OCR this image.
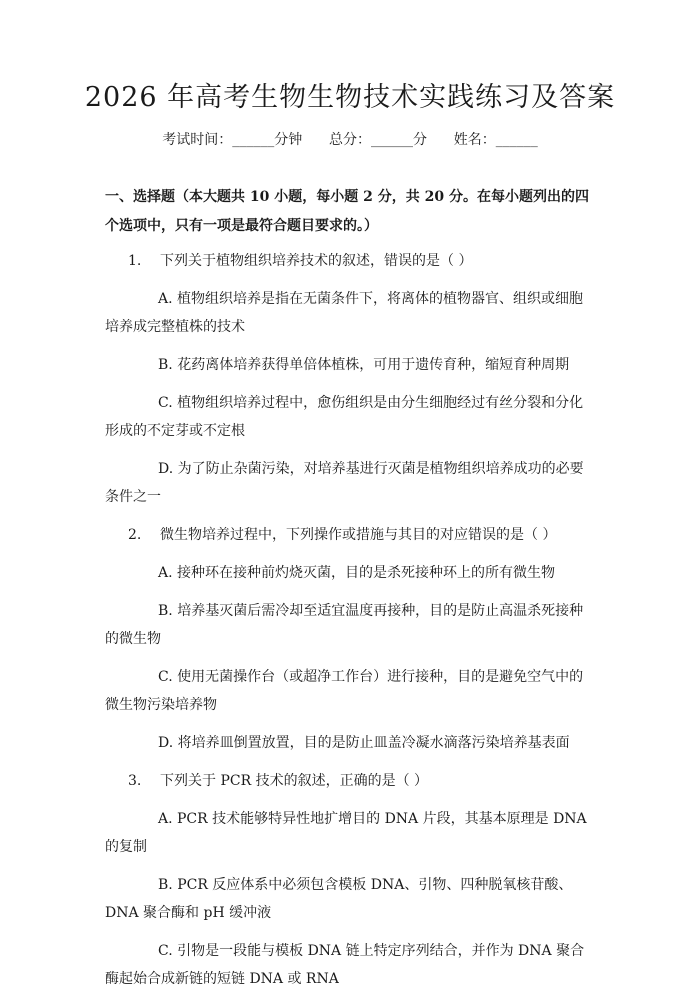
2026 年高考生物生物技术实践练习及答案
考试时间：______分钟 总分：______分 姓名：______

一、选择题（本大题共 10 小题，每小题 2 分，共 20 分。在每小题列出的四个选项中，只有一项是最符合题目要求的。）

1. 下列关于植物组织培养技术的叙述，错误的是（ ）

A. 植物组织培养是指在无菌条件下，将离体的植物器官、组织或细胞培养成完整植株的技术

B. 花药离体培养获得单倍体植株，可用于遗传育种，缩短育种周期

C. 植物组织培养过程中，愈伤组织是由分生细胞经过有丝分裂和分化形成的不定芽或不定根

D. 为了防止杂菌污染，对培养基进行灭菌是植物组织培养成功的必要条件之一

2. 微生物培养过程中，下列操作或措施与其目的对应错误的是（ ）

A. 接种环在接种前灼烧灭菌，目的是杀死接种环上的所有微生物

B. 培养基灭菌后需冷却至适宜温度再接种，目的是防止高温杀死接种的微生物

C. 使用无菌操作台（或超净工作台）进行接种，目的是避免空气中的微生物污染培养物

D. 将培养皿倒置放置，目的是防止皿盖冷凝水滴落污染培养基表面

3. 下列关于 PCR 技术的叙述，正确的是（ ）

A. PCR 技术能够特异性地扩增目的 DNA 片段，其基本原理是 DNA 的复制

B. PCR 反应体系中必须包含模板 DNA、引物、四种脱氧核苷酸、DNA 聚合酶和 pH 缓冲液

C. 引物是一段能与模板 DNA 链上特定序列结合，并作为 DNA 聚合酶起始合成新链的短链 DNA 或 RNA
